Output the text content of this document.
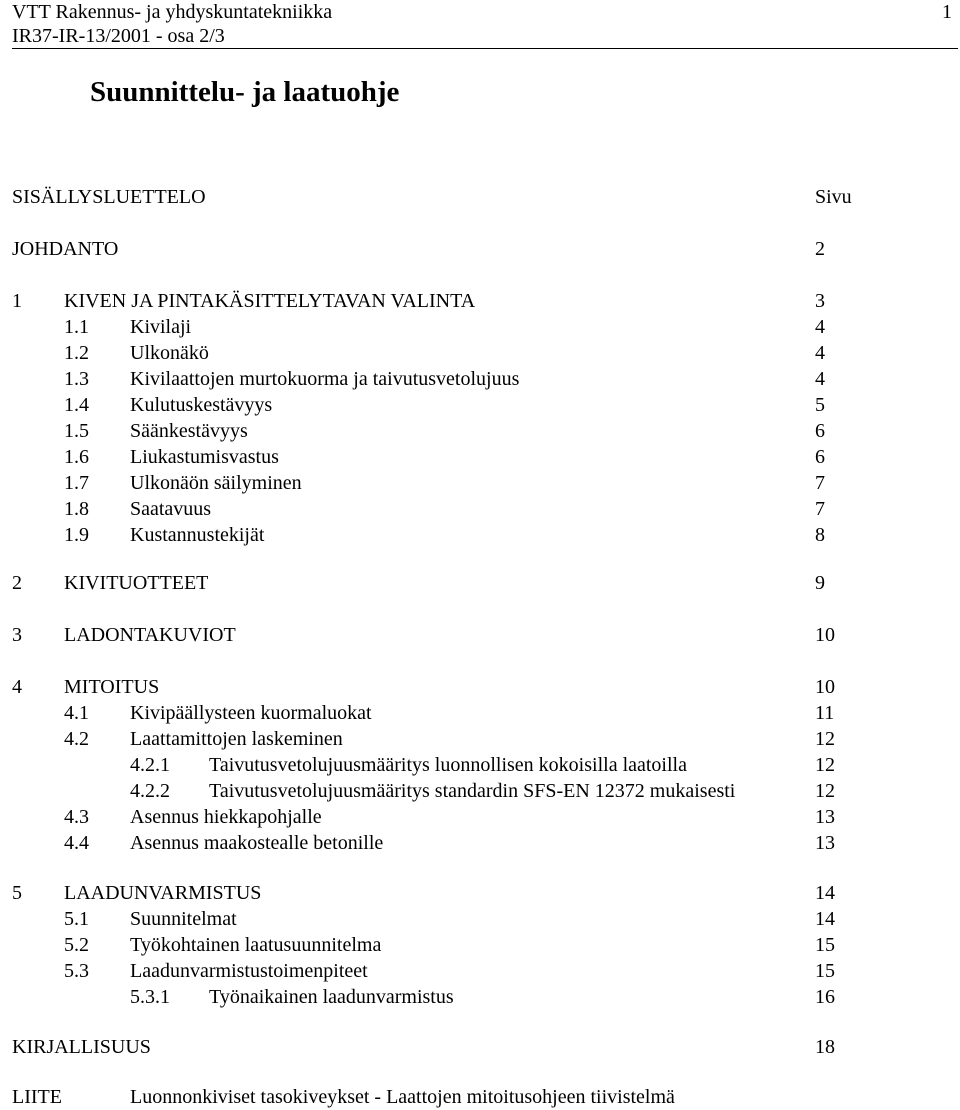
VTT Rakennus- ja yhdyskuntatekniikka
IR37-IR-13/2001 - osa 2/3
1
Suunnittelu- ja laatuohje
SISÄLLYSLUETTELO	Sivu
JOHDANTO	2
1 KIVEN JA PINTAKÄSITTELYTAVAN VALINTA	3
1.1 Kivilaji	4
1.2 Ulkonäkö	4
1.3 Kivilaattojen murtokuorma ja taivutusvetolujuus	4
1.4 Kulutuskestävyys	5
1.5 Säänkestävyys	6
1.6 Liukastumisvastus	6
1.7 Ulkonäön säilyminen	7
1.8 Saatavuus	7
1.9 Kustannustekijät	8
2 KIVITUOTTEET	9
3 LADONTAKUVIOT	10
4 MITOITUS	10
4.1 Kivipäällysteen kuormaluokat	11
4.2 Laattamittojen laskeminen	12
4.2.1 Taivutusvetolujuusmääritys luonnollisen kokoisilla laatoilla	12
4.2.2 Taivutusvetolujuusmääritys standardin SFS-EN 12372 mukaisesti	12
4.3 Asennus hiekkapohjalle	13
4.4 Asennus maakostealle betonille	13
5 LAADUNVARMISTUS	14
5.1 Suunnitelmat	14
5.2 Työkohtainen laatusuunnitelma	15
5.3 Laadunvarmistustoimenpiteet	15
5.3.1 Työnaikainen laadunvarmistus	16
KIRJALLISUUS	18
LIITE	Luonnonkiviset tasokiveykset - Laattojen mitoitusohjeen tiivistelmä
